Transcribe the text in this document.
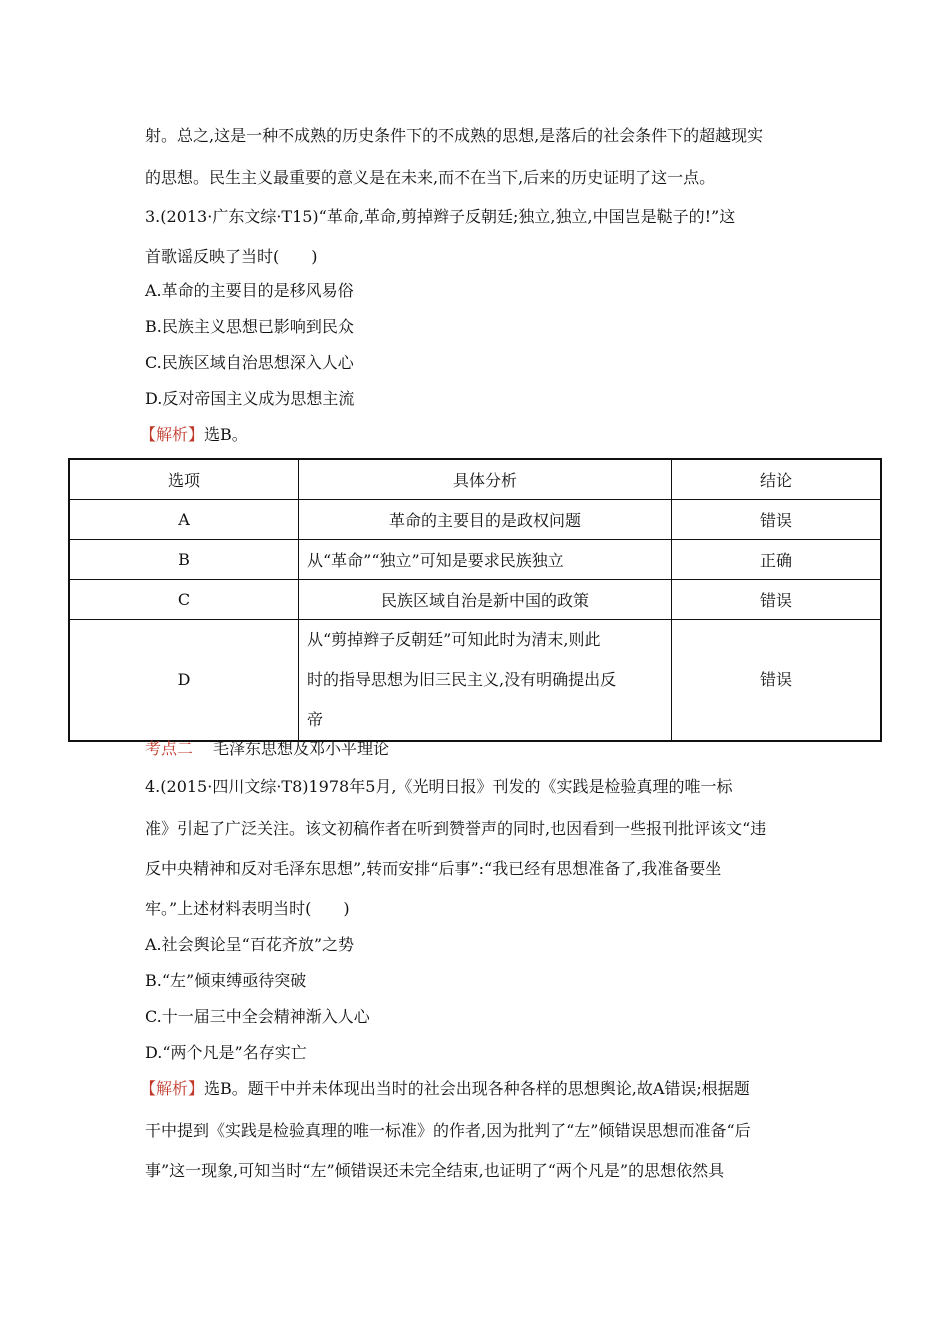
射。总之,这是一种不成熟的历史条件下的不成熟的思想,是落后的社会条件下的超越现实
的思想。民生主义最重要的意义是在未来,而不在当下,后来的历史证明了这一点。
3.(2013·广东文综·T15)“革命,革命,剪掉辫子反朝廷;独立,独立,中国岂是鞑子的!”这
首歌谣反映了当时(　　)
A.革命的主要目的是移风易俗
B.民族主义思想已影响到民众
C.民族区域自治思想深入人心
D.反对帝国主义成为思想主流
【解析】选B。
选项	具体分析	结论
A	革命的主要目的是政权问题	错误
B	从“革命”“独立”可知是要求民族独立	正确
C	民族区域自治是新中国的政策	错误
D	从“剪掉辫子反朝廷”可知此时为清末,则此
时的指导思想为旧三民主义,没有明确提出反
帝	错误
考点二 毛泽东思想及邓小平理论
4.(2015·四川文综·T8)1978年5月,《光明日报》刊发的《实践是检验真理的唯一标
准》引起了广泛关注。该文初稿作者在听到赞誉声的同时,也因看到一些报刊批评该文“违
反中央精神和反对毛泽东思想”,转而安排“后事”:“我已经有思想准备了,我准备要坐
牢。”上述材料表明当时(　　)
A.社会舆论呈“百花齐放”之势
B.“左”倾束缚亟待突破
C.十一届三中全会精神渐入人心
D.“两个凡是”名存实亡
【解析】选B。题干中并未体现出当时的社会出现各种各样的思想舆论,故A错误;根据题
干中提到《实践是检验真理的唯一标准》的作者,因为批判了“左”倾错误思想而准备“后
事”这一现象,可知当时“左”倾错误还未完全结束,也证明了“两个凡是”的思想依然具
